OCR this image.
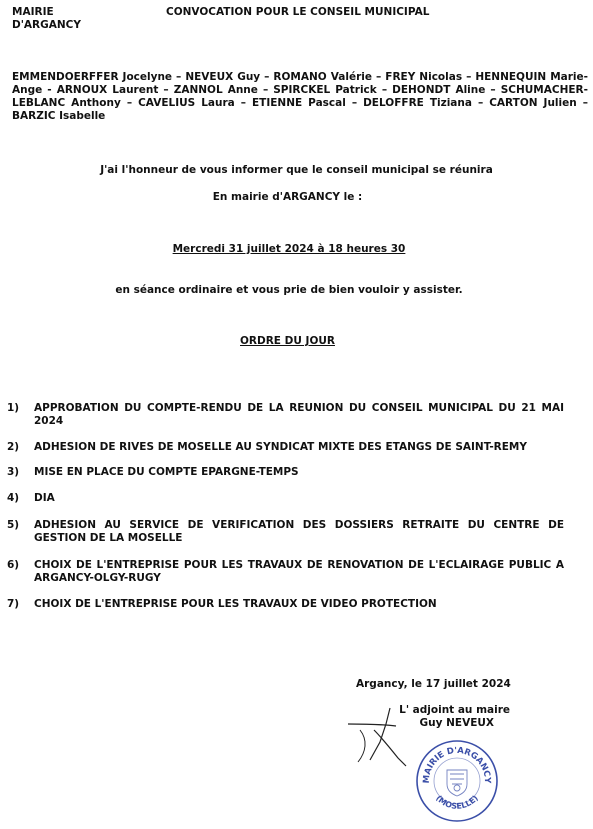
MAIRIE
D'ARGANCY
CONVOCATION POUR LE CONSEIL MUNICIPAL
EMMENDOERFFER Jocelyne – NEVEUX Guy – ROMANO Valérie – FREY Nicolas – HENNEQUIN Marie-Ange - ARNOUX Laurent – ZANNOL Anne – SPIRCKEL Patrick – DEHONDT Aline – SCHUMACHER-LEBLANC Anthony – CAVELIUS Laura – ETIENNE Pascal – DELOFFRE Tiziana – CARTON Julien – BARZIC Isabelle
J'ai l'honneur de vous informer que le conseil municipal se réunira
En mairie d'ARGANCY le :
Mercredi 31 juillet 2024 à 18 heures 30
en séance ordinaire et vous prie de bien vouloir y assister.
ORDRE DU JOUR
1)	APPROBATION DU COMPTE-RENDU DE LA REUNION DU CONSEIL MUNICIPAL DU 21 MAI 2024
2)	ADHESION DE RIVES DE MOSELLE AU SYNDICAT MIXTE DES ETANGS DE SAINT-REMY
3)	MISE EN PLACE DU COMPTE EPARGNE-TEMPS
4)	DIA
5)	ADHESION AU SERVICE DE VERIFICATION DES DOSSIERS RETRAITE DU CENTRE DE GESTION DE LA MOSELLE
6)	CHOIX DE L'ENTREPRISE POUR LES TRAVAUX DE RENOVATION DE L'ECLAIRAGE PUBLIC A ARGANCY-OLGY-RUGY
7)	CHOIX DE L'ENTREPRISE POUR LES TRAVAUX DE VIDEO PROTECTION
Argancy, le 17 juillet 2024
L' adjoint au maire
Guy NEVEUX
MAIRIE D'ARGANCY
(MOSELLE)
